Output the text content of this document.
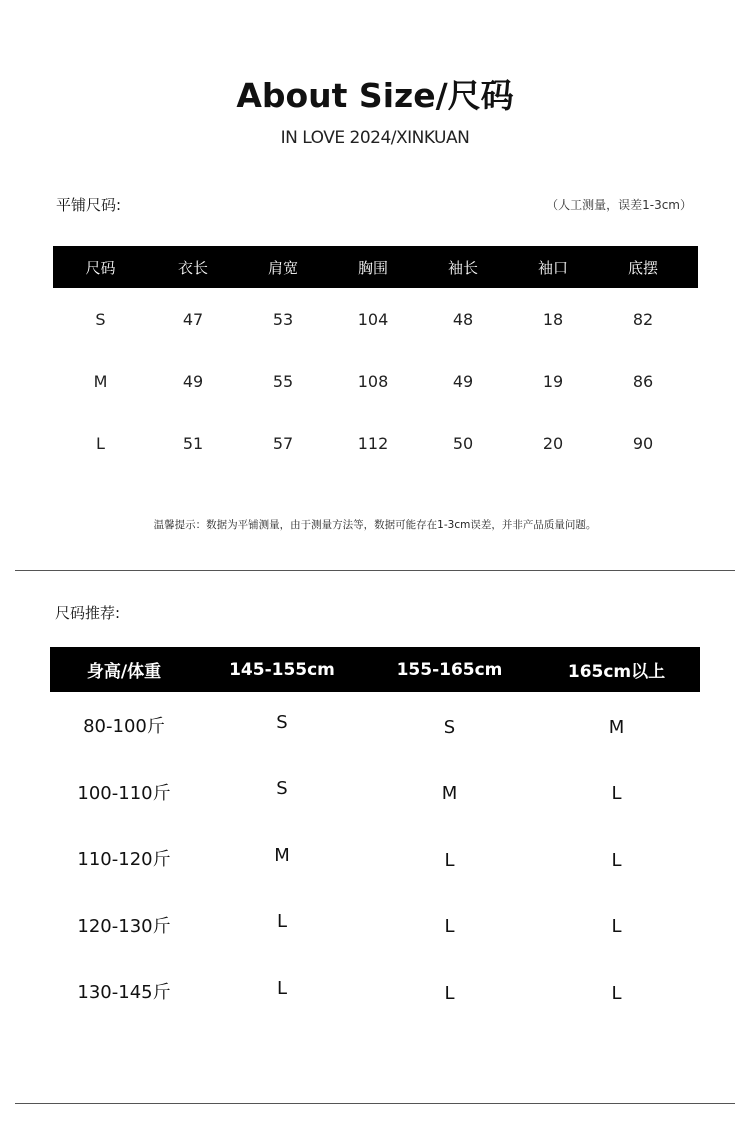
About Size/尺码
IN LOVE 2024/XINKUAN
平铺尺码:	（人工测量，误差1-3cm）
尺码	衣长	肩宽	胸围	袖长	袖口	底摆
S	47	53	104	48	18	82
M	49	55	108	49	19	86
L	51	57	112	50	20	90
温馨提示：数据为平铺测量，由于测量方法等，数据可能存在1-3cm误差，并非产品质量问题。
尺码推荐:
身高/体重	145-155cm	155-165cm	165cm以上
80-100斤	S	S	M
100-110斤	S	M	L
110-120斤	M	L	L
120-130斤	L	L	L
130-145斤	L	L	L
